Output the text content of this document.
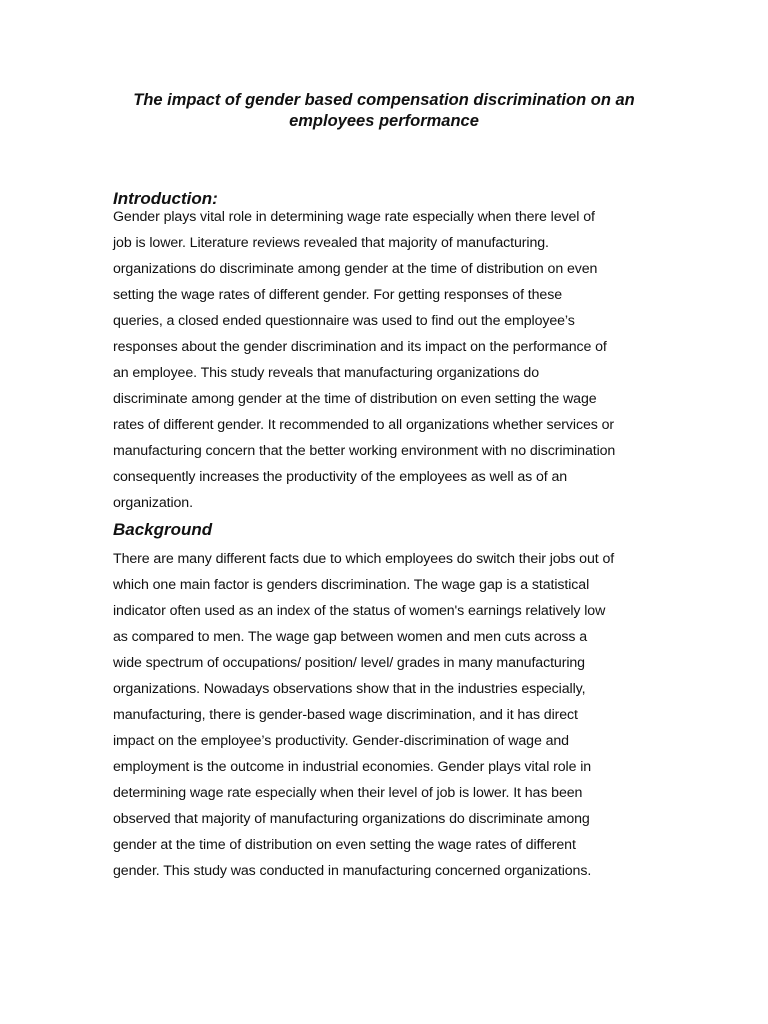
The impact of gender based compensation discrimination on an
employees performance
Introduction:
Gender plays vital role in determining wage rate especially when there level of
job is lower. Literature reviews revealed that majority of manufacturing.
organizations do discriminate among gender at the time of distribution on even
setting the wage rates of different gender. For getting responses of these
queries, a closed ended questionnaire was used to find out the employee’s
responses about the gender discrimination and its impact on the performance of
an employee. This study reveals that manufacturing organizations do
discriminate among gender at the time of distribution on even setting the wage
rates of different gender. It recommended to all organizations whether services or
manufacturing concern that the better working environment with no discrimination
consequently increases the productivity of the employees as well as of an
organization.
Background
There are many different facts due to which employees do switch their jobs out of
which one main factor is genders discrimination. The wage gap is a statistical
indicator often used as an index of the status of women's earnings relatively low
as compared to men. The wage gap between women and men cuts across a
wide spectrum of occupations/ position/ level/ grades in many manufacturing
organizations. Nowadays observations show that in the industries especially,
manufacturing, there is gender-based wage discrimination, and it has direct
impact on the employee’s productivity. Gender-discrimination of wage and
employment is the outcome in industrial economies. Gender plays vital role in
determining wage rate especially when their level of job is lower. It has been
observed that majority of manufacturing organizations do discriminate among
gender at the time of distribution on even setting the wage rates of different
gender. This study was conducted in manufacturing concerned organizations.
